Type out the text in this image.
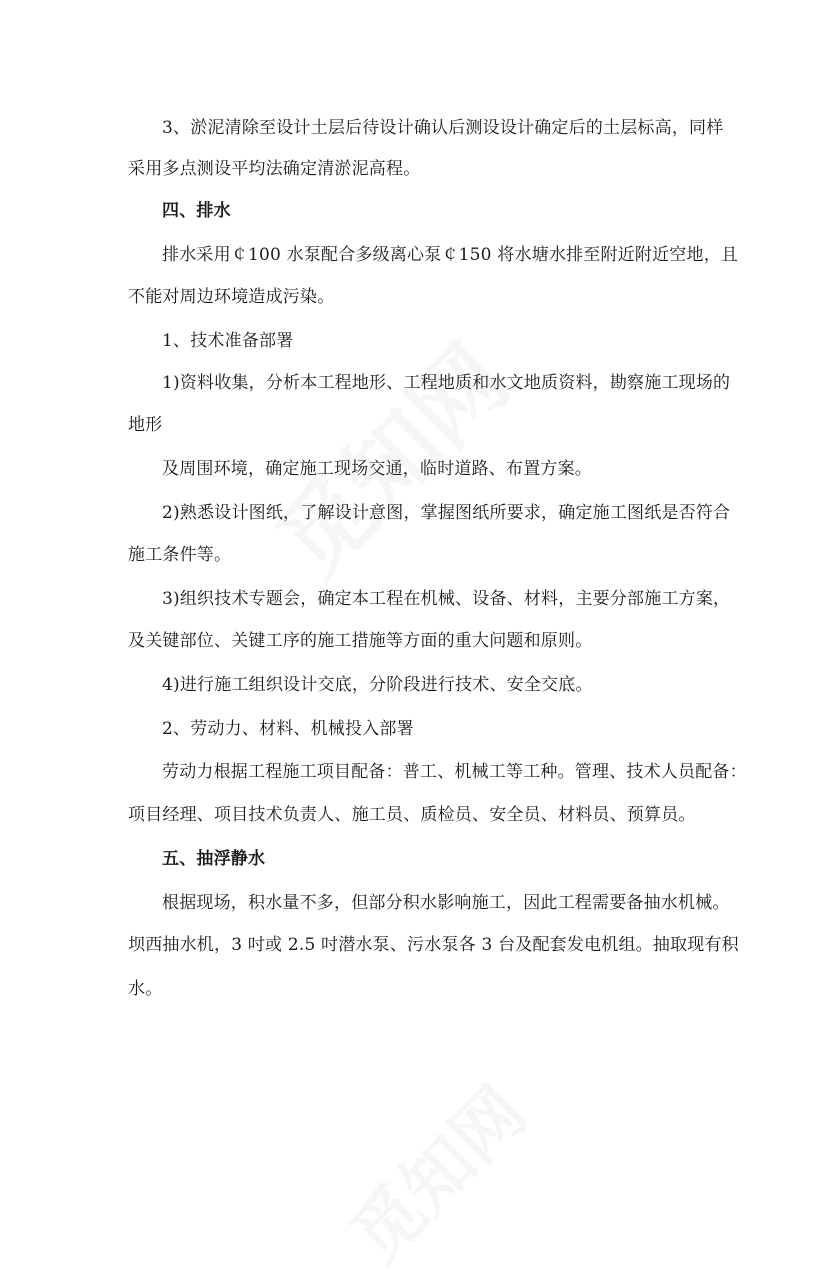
3、淤泥清除至设计土层后待设计确认后测设设计确定后的土层标高，同样
采用多点测设平均法确定清淤泥高程。
四、排水
排水采用￠100 水泵配合多级离心泵￠150 将水塘水排至附近附近空地，且
不能对周边环境造成污染。
1、技术准备部署
1)资料收集，分析本工程地形、工程地质和水文地质资料，勘察施工现场的
地形
及周围环境，确定施工现场交通，临时道路、布置方案。
2)熟悉设计图纸，了解设计意图，掌握图纸所要求，确定施工图纸是否符合
施工条件等。
3)组织技术专题会，确定本工程在机械、设备、材料，主要分部施工方案，
及关键部位、关键工序的施工措施等方面的重大问题和原则。
4)进行施工组织设计交底，分阶段进行技术、安全交底。
2、劳动力、材料、机械投入部署
劳动力根据工程施工项目配备：普工、机械工等工种。管理、技术人员配备：
项目经理、项目技术负责人、施工员、质检员、安全员、材料员、预算员。
五、抽浮静水
根据现场，积水量不多，但部分积水影响施工，因此工程需要备抽水机械。
坝西抽水机，3 吋或 2.5 吋潜水泵、污水泵各 3 台及配套发电机组。抽取现有积
水。
